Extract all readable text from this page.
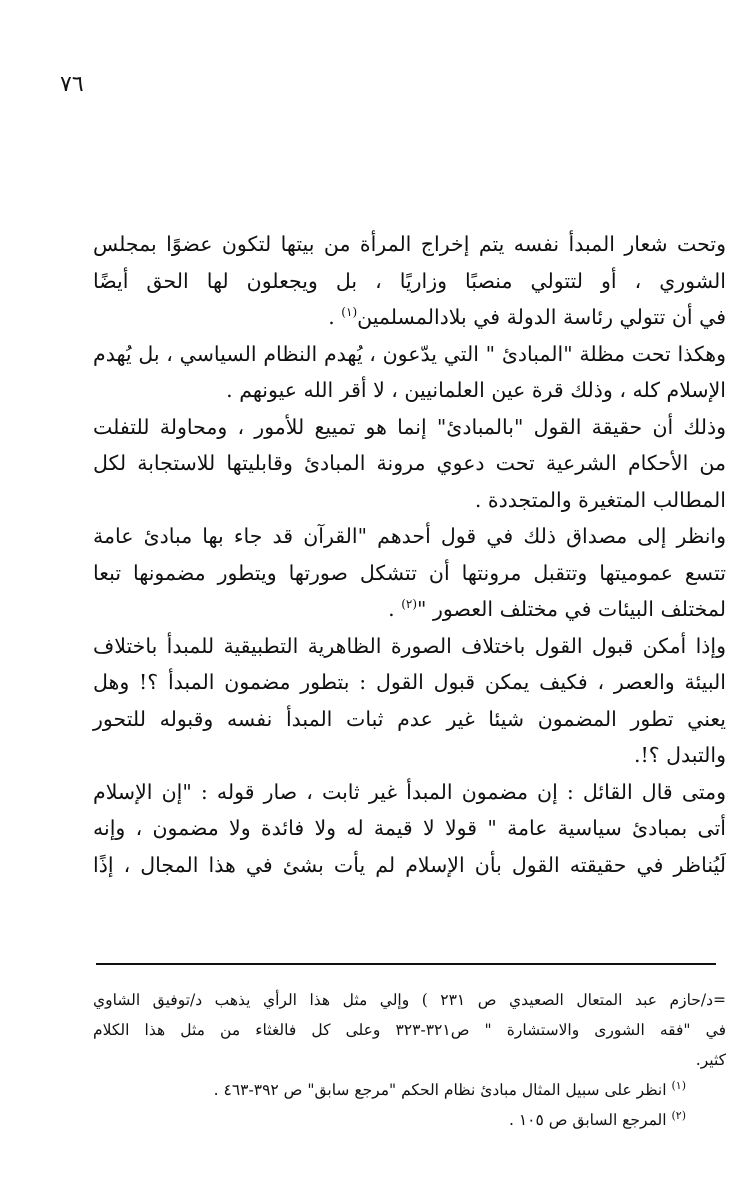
٧٦

وتحت شعار المبدأ نفسه يتم إخراج المرأة من بيتها لتكون عضوًا بمجلس

الشوري ، أو لتتولي منصبًا وزاريًا ، بل ويجعلون لها الحق أيضًا

في أن تتولي رئاسة الدولة في بلادالمسلمين$^{(١)}$ .

وهكذا تحت مظلة "المبادئ " التي يدّعون ، يُهدم النظام السياسي ، بل يُهدم

الإسلام كله ، وذلك قرة عين العلمانيين ، لا أقر الله عيونهم .

وذلك أن حقيقة القول "بالمبادئ" إنما هو تمييع للأمور ، ومحاولة للتفلت

من الأحكام الشرعية تحت دعوي مرونة المبادئ وقابليتها للاستجابة لكل

المطالب المتغيرة والمتجددة .

وانظر إلى مصداق ذلك في قول أحدهم "القرآن قد جاء بها مبادئ عامة

تتسع عموميتها وتتقبل مرونتها أن تتشكل صورتها ويتطور مضمونها تبعا

لمختلف البيئات في مختلف العصور "$^{(٢)}$ .

وإذا أمكن قبول القول باختلاف الصورة الظاهرية التطبيقية للمبدأ باختلاف

البيئة والعصر ، فكيف يمكن قبول القول : بتطور مضمون المبدأ ؟! وهل

يعني تطور المضمون شيئا غير عدم ثبات المبدأ نفسه وقبوله للتحور

والتبدل ؟!.

ومتى قال القائل : إن مضمون المبدأ غير ثابت ، صار قوله : "إن الإسلام

أتى بمبادئ سياسية عامة " قولا لا قيمة له ولا فائدة ولا مضمون ، وإنه

لَيُناظر في حقيقته القول بأن الإسلام لم يأت بشئ في هذا المجال ، إذًا

=د/حازم عبد المتعال الصعيدي ص ٢٣١ ) وإلي مثل هذا الرأي يذهب د/توفيق الشاوي

في "فقه الشورى والاستشارة " ص٣٢١-٣٢٣ وعلى كل فالغثاء من مثل هذا الكلام

كثير.

$^{(١)}$ انظر على سبيل المثال مبادئ نظام الحكم "مرجع سابق" ص ٣٩٢-٤٦٣ .

$^{(٢)}$ المرجع السابق ص ١٠٥ .
